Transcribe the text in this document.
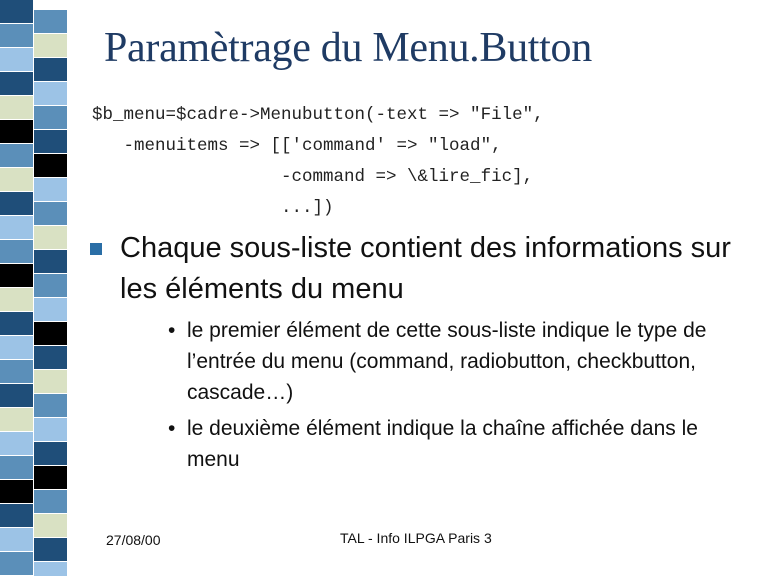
Paramètrage du Menu.Button
$b_menu=$cadre->Menubutton(-text => "File",
-menuitems => [['command' => "load",
-command => \&lire_fic],
...])
Chaque sous-liste contient des informations sur les éléments du menu
• le premier élément de cette sous-liste indique le type de l’entrée du menu (command, radiobutton, checkbutton, cascade…)
• le deuxième élément indique la chaîne affichée dans le menu
27/08/00	TAL - Info ILPGA Paris 3
